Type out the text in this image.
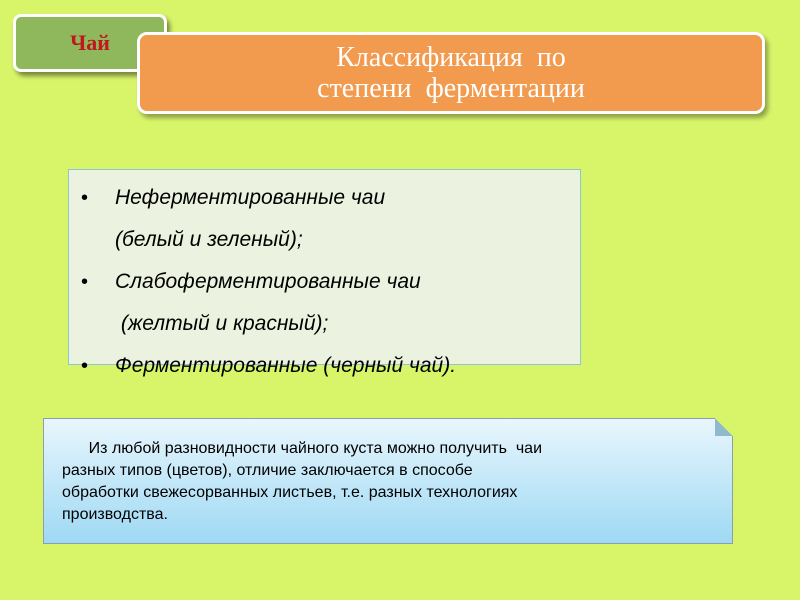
Чай	Классификация  по
степени  ферментации
•	Неферментированные чаи
(белый и зеленый);
•	Слабоферментированные чаи
(желтый и красный);
•	Ферментированные (черный чай).
Из любой разновидности чайного куста можно получить  чаи
разных типов (цветов), отличие заключается в способе
обработки свежесорванных листьев, т.е. разных технологиях
производства.
